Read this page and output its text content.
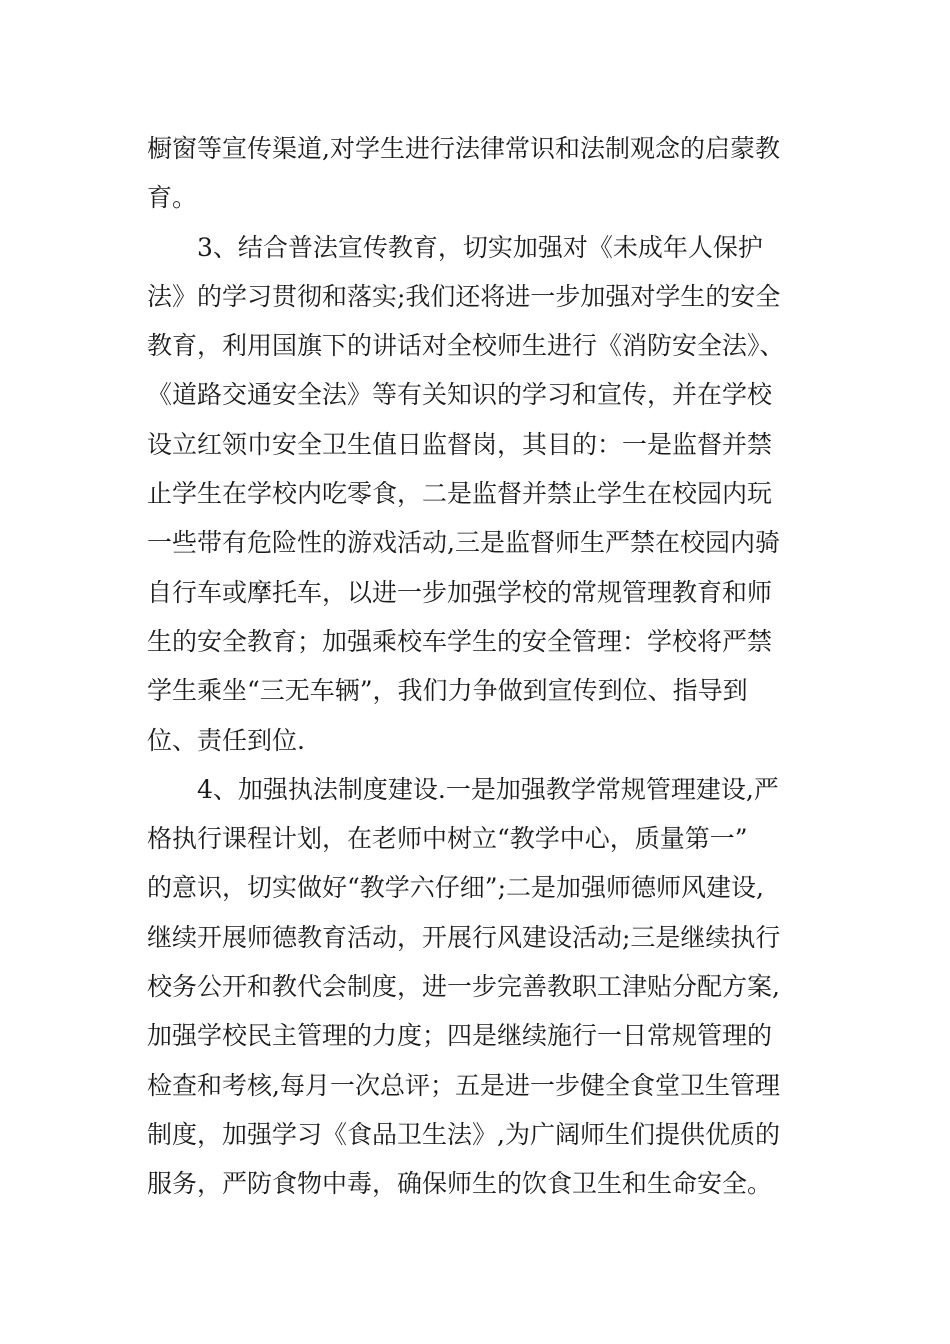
橱窗等宣传渠道,对学生进行法律常识和法制观念的启蒙教
育。
3、结合普法宣传教育，切实加强对《未成年人保护
法》的学习贯彻和落实;我们还将进一步加强对学生的安全
教育，利用国旗下的讲话对全校师生进行《消防安全法》、
《道路交通安全法》等有关知识的学习和宣传，并在学校
设立红领巾安全卫生值日监督岗，其目的：一是监督并禁
止学生在学校内吃零食，二是监督并禁止学生在校园内玩
一些带有危险性的游戏活动,三是监督师生严禁在校园内骑
自行车或摩托车，以进一步加强学校的常规管理教育和师
生的安全教育；加强乘校车学生的安全管理：学校将严禁
学生乘坐“三无车辆”，我们力争做到宣传到位、指导到
位、责任到位.
4、加强执法制度建设.一是加强教学常规管理建设,严
格执行课程计划，在老师中树立“教学中心，质量第一”
的意识，切实做好“教学六仔细”;二是加强师德师风建设,
继续开展师德教育活动，开展行风建设活动;三是继续执行
校务公开和教代会制度，进一步完善教职工津贴分配方案,
加强学校民主管理的力度；四是继续施行一日常规管理的
检查和考核,每月一次总评；五是进一步健全食堂卫生管理
制度，加强学习《食品卫生法》,为广阔师生们提供优质的
服务，严防食物中毒，确保师生的饮食卫生和生命安全。
